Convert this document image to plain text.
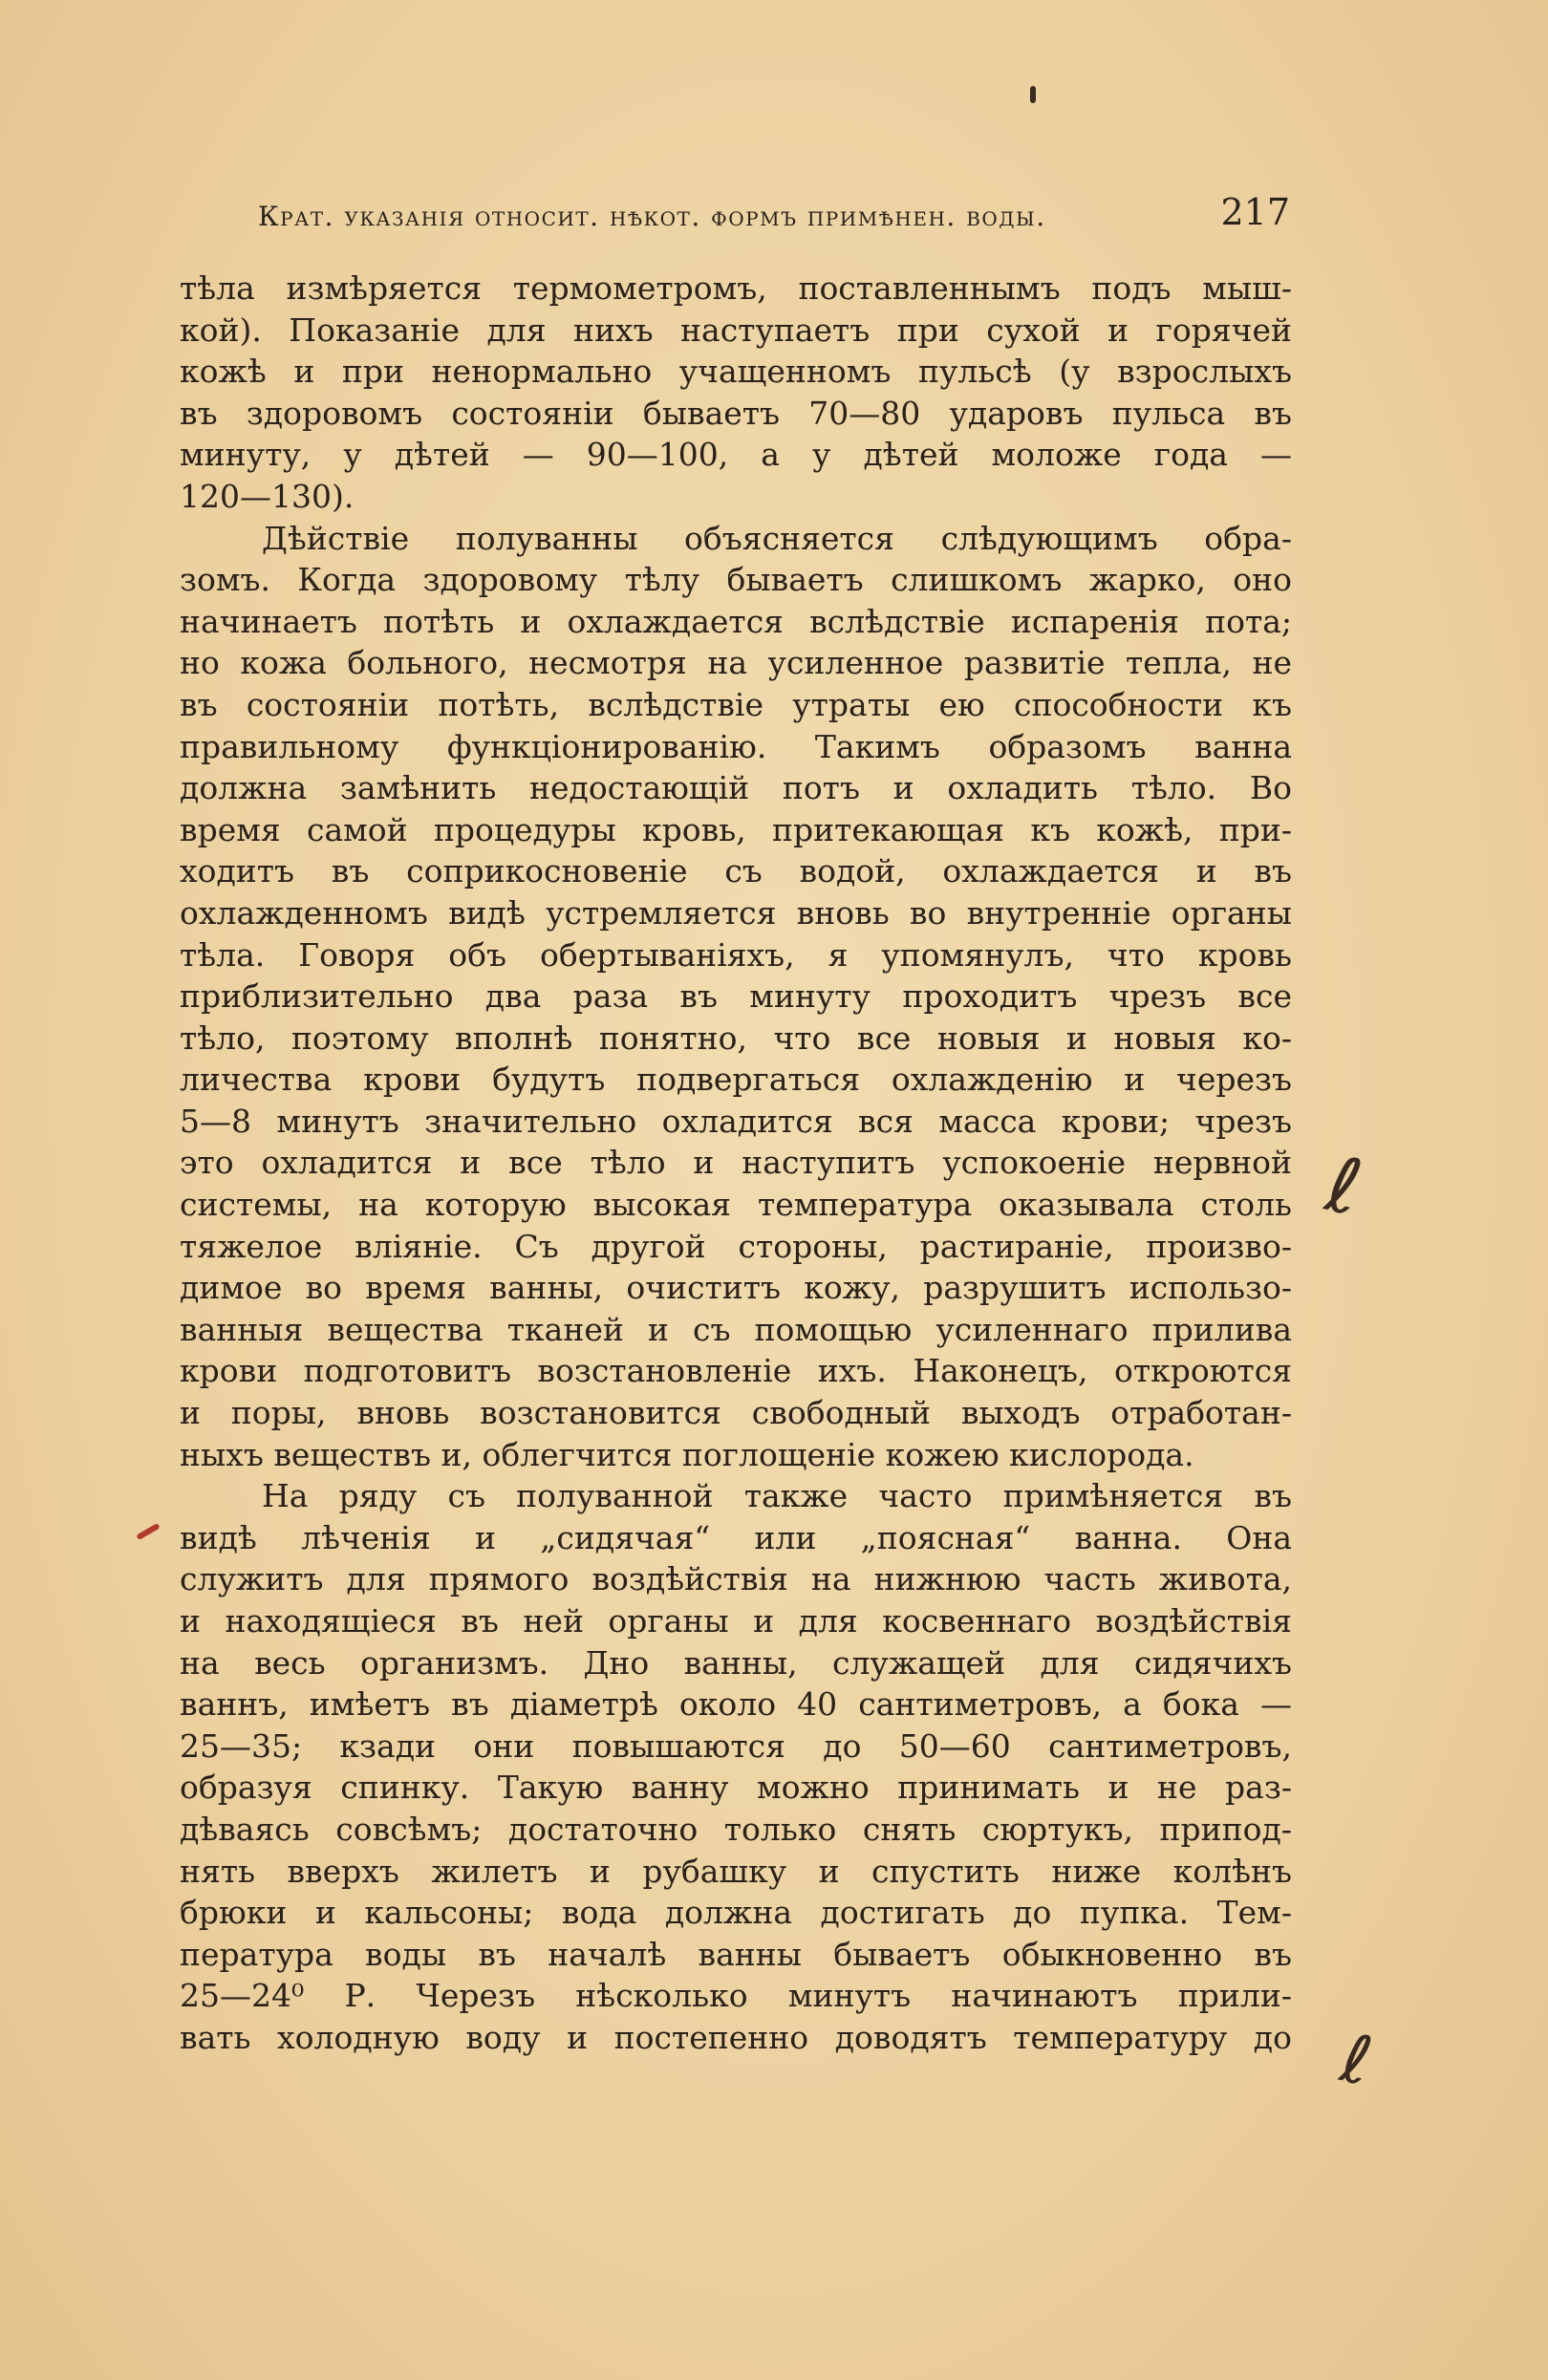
Крат. указанія относит. нѣкот. формъ примѣнен. воды.	217
тѣла измѣряется термометромъ, поставленнымъ подъ мыш-
кой). Показаніе для нихъ наступаетъ при сухой и горячей
кожѣ и при ненормально учащенномъ пульсѣ (у взрослыхъ
въ здоровомъ состояніи бываетъ 70—80 ударовъ пульса въ
минуту, у дѣтей — 90—100, а у дѣтей моложе года —
120—130).
Дѣйствіе полуванны объясняется слѣдующимъ обра-
зомъ. Когда здоровому тѣлу бываетъ слишкомъ жарко, оно
начинаетъ потѣть и охлаждается вслѣдствіе испаренія пота;
но кожа больного, несмотря на усиленное развитіе тепла, не
въ состояніи потѣть, вслѣдствіе утраты ею способности къ
правильному функціонированію. Такимъ образомъ ванна
должна замѣнить недостающій потъ и охладить тѣло. Во
время самой процедуры кровь, притекающая къ кожѣ, при-
ходитъ въ соприкосновеніе съ водой, охлаждается и въ
охлажденномъ видѣ устремляется вновь во внутренніе органы
тѣла. Говоря объ обертываніяхъ, я упомянулъ, что кровь
приблизительно два раза въ минуту проходитъ чрезъ все
тѣло, поэтому вполнѣ понятно, что все новыя и новыя ко-
личества крови будутъ подвергаться охлажденію и черезъ
5—8 минутъ значительно охладится вся масса крови; чрезъ
это охладится и все тѣло и наступитъ успокоеніе нервной
системы, на которую высокая температура оказывала столь
тяжелое вліяніе. Съ другой стороны, растираніе, произво-
димое во время ванны, очиститъ кожу, разрушитъ использо-
ванныя вещества тканей и съ помощью усиленнаго прилива
крови подготовитъ возстановленіе ихъ. Наконецъ, откроются
и поры, вновь возстановится свободный выходъ отработан-
ныхъ веществъ и, облегчится поглощеніе кожею кислорода.
На ряду съ полуванной также часто примѣняется въ
видѣ лѣченія и „сидячая“ или „поясная“ ванна. Она
служитъ для прямого воздѣйствія на нижнюю часть живота,
и находящіеся въ ней органы и для косвеннаго воздѣйствія
на весь организмъ. Дно ванны, служащей для сидячихъ
ваннъ, имѣетъ въ діаметрѣ около 40 сантиметровъ, а бока —
25—35; кзади они повышаются до 50—60 сантиметровъ,
образуя спинку. Такую ванну можно принимать и не раз-
дѣваясь совсѣмъ; достаточно только снять сюртукъ, припод-
нять вверхъ жилетъ и рубашку и спустить ниже колѣнъ
брюки и кальсоны; вода должна достигать до пупка. Тем-
пература воды въ началѣ ванны бываетъ обыкновенно въ
25—24⁰ Р. Черезъ нѣсколько минутъ начинаютъ прили-
вать холодную воду и постепенно доводятъ температуру до
ℓ
ℓ
